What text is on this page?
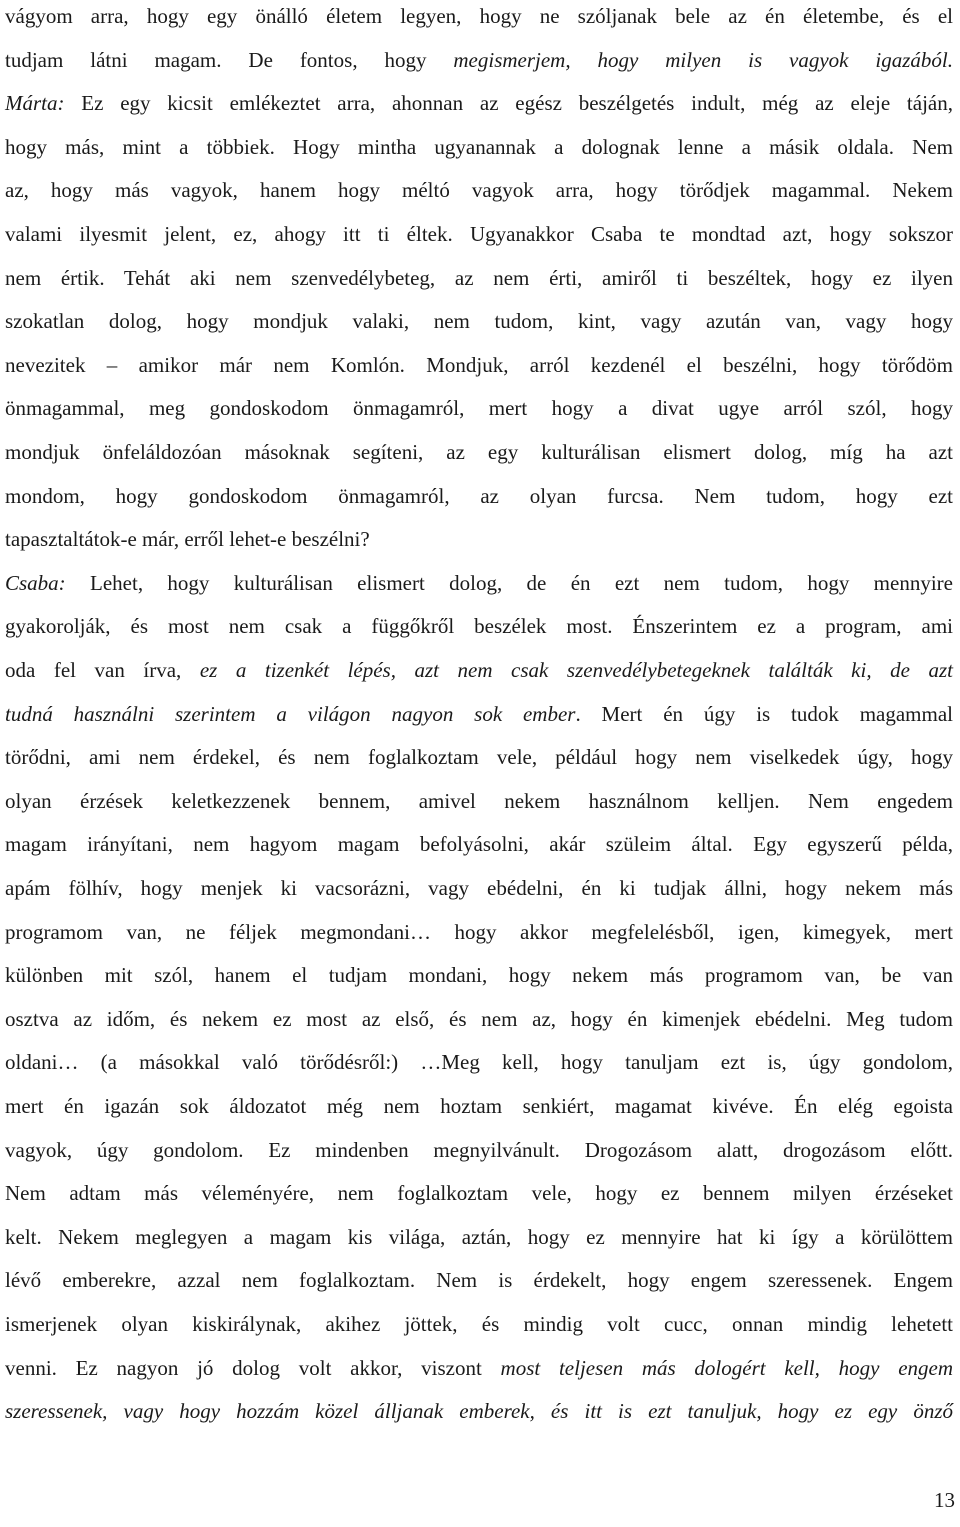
vágyom arra, hogy egy önálló életem legyen, hogy ne szóljanak bele az én életembe, és el
tudjam látni magam. De fontos, hogy megismerjem, hogy milyen is vagyok igazából.
Márta: Ez egy kicsit emlékeztet arra, ahonnan az egész beszélgetés indult, még az eleje táján,
hogy más, mint a többiek. Hogy mintha ugyanannak a dolognak lenne a másik oldala. Nem
az, hogy más vagyok, hanem hogy méltó vagyok arra, hogy törődjek magammal. Nekem
valami ilyesmit jelent, ez, ahogy itt ti éltek. Ugyanakkor Csaba te mondtad azt, hogy sokszor
nem értik. Tehát aki nem szenvedélybeteg, az nem érti, amiről ti beszéltek, hogy ez ilyen
szokatlan dolog, hogy mondjuk valaki, nem tudom, kint, vagy azután van, vagy hogy
nevezitek – amikor már nem Komlón. Mondjuk, arról kezdenél el beszélni, hogy törődöm
önmagammal, meg gondoskodom önmagamról, mert hogy a divat ugye arról szól, hogy
mondjuk önfeláldozóan másoknak segíteni, az egy kulturálisan elismert dolog, míg ha azt
mondom, hogy gondoskodom önmagamról, az olyan furcsa. Nem tudom, hogy ezt
tapasztaltátok-e már, erről lehet-e beszélni?
Csaba: Lehet, hogy kulturálisan elismert dolog, de én ezt nem tudom, hogy mennyire
gyakorolják, és most nem csak a függőkről beszélek most. Énszerintem ez a program, ami
oda fel van írva, ez a tizenkét lépés, azt nem csak szenvedélybetegeknek találták ki, de azt
tudná használni szerintem a világon nagyon sok ember. Mert én úgy is tudok magammal
törődni, ami nem érdekel, és nem foglalkoztam vele, például hogy nem viselkedek úgy, hogy
olyan érzések keletkezzenek bennem, amivel nekem használnom kelljen. Nem engedem
magam irányítani, nem hagyom magam befolyásolni, akár szüleim által. Egy egyszerű példa,
apám fölhív, hogy menjek ki vacsorázni, vagy ebédelni, én ki tudjak állni, hogy nekem más
programom van, ne féljek megmondani… hogy akkor megfelelésből, igen, kimegyek, mert
különben mit szól, hanem el tudjam mondani, hogy nekem más programom van, be van
osztva az időm, és nekem ez most az első, és nem az, hogy én kimenjek ebédelni. Meg tudom
oldani… (a másokkal való törődésről:) …Meg kell, hogy tanuljam ezt is, úgy gondolom,
mert én igazán sok áldozatot még nem hoztam senkiért, magamat kivéve. Én elég egoista
vagyok, úgy gondolom. Ez mindenben megnyilvánult. Drogozásom alatt, drogozásom előtt.
Nem adtam más véleményére, nem foglalkoztam vele, hogy ez bennem milyen érzéseket
kelt. Nekem meglegyen a magam kis világa, aztán, hogy ez mennyire hat ki így a körülöttem
lévő emberekre, azzal nem foglalkoztam. Nem is érdekelt, hogy engem szeressenek. Engem
ismerjenek olyan kiskirálynak, akihez jöttek, és mindig volt cucc, onnan mindig lehetett
venni. Ez nagyon jó dolog volt akkor, viszont most teljesen más dologért kell, hogy engem
szeressenek, vagy hogy hozzám közel álljanak emberek, és itt is ezt tanuljuk, hogy ez egy önző
13
